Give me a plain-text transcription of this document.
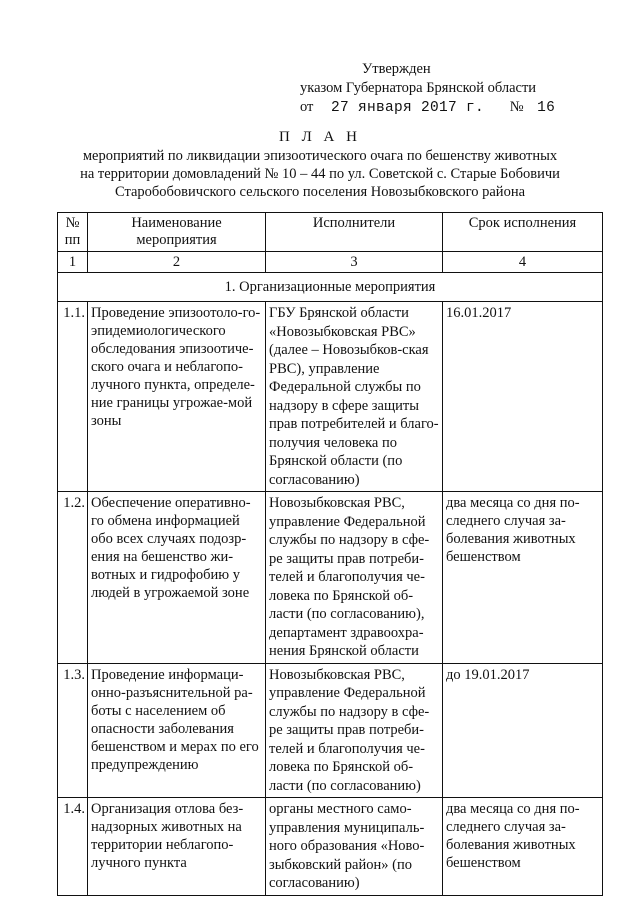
Утвержден
указом Губернатора Брянской области
от 27 января 2017 г. № 16
П Л А Н
мероприятий по ликвидации эпизоотического очага по бешенству животных
на территории домовладений № 10 – 44 по ул. Советской с. Старые Бобовичи
Старобобовичского сельского поселения Новозыбковского района
№ пп	Наименование мероприятия	Исполнители	Срок исполнения
1	2	3	4
1. Организационные мероприятия			
1.1.	Проведение эпизоотоло-го-эпидемиологического обследования эпизоотиче-ского очага и неблагопо-лучного пункта, определе-ние границы угрожае-мой зоны	ГБУ Брянской области «Новозыбковская РВС» (далее – Новозыбков-ская РВС), управление Федеральной службы по надзору в сфере защиты прав потребителей и благо-получия человека по Брянской области (по согласованию)	16.01.2017
1.2.	Обеспечение оперативно-го обмена информацией обо всех случаях подозр-ения на бешенство жи-вотных и гидрофобию у людей в угрожаемой зоне	Новозыбковская РВС, управление Федеральной службы по надзору в сфе-ре защиты прав потреби-телей и благополучия че-ловека по Брянской об-ласти (по согласованию), департамент здравоохра-нения Брянской области	два месяца со дня по-следнего случая за-болевания животных бешенством
1.3.	Проведение информаци-онно-разъяснительной ра-боты с населением об опасности заболевания бешенством и мерах по его предупреждению	Новозыбковская РВС, управление Федеральной службы по надзору в сфе-ре защиты прав потреби-телей и благополучия че-ловека по Брянской об-ласти (по согласованию)	до 19.01.2017
1.4.	Организация отлова без-надзорных животных на территории неблагопо-лучного пункта	органы местного само-управления муниципаль-ного образования «Ново-зыбковский район» (по согласованию)	два месяца со дня по-следнего случая за-болевания животных бешенством
